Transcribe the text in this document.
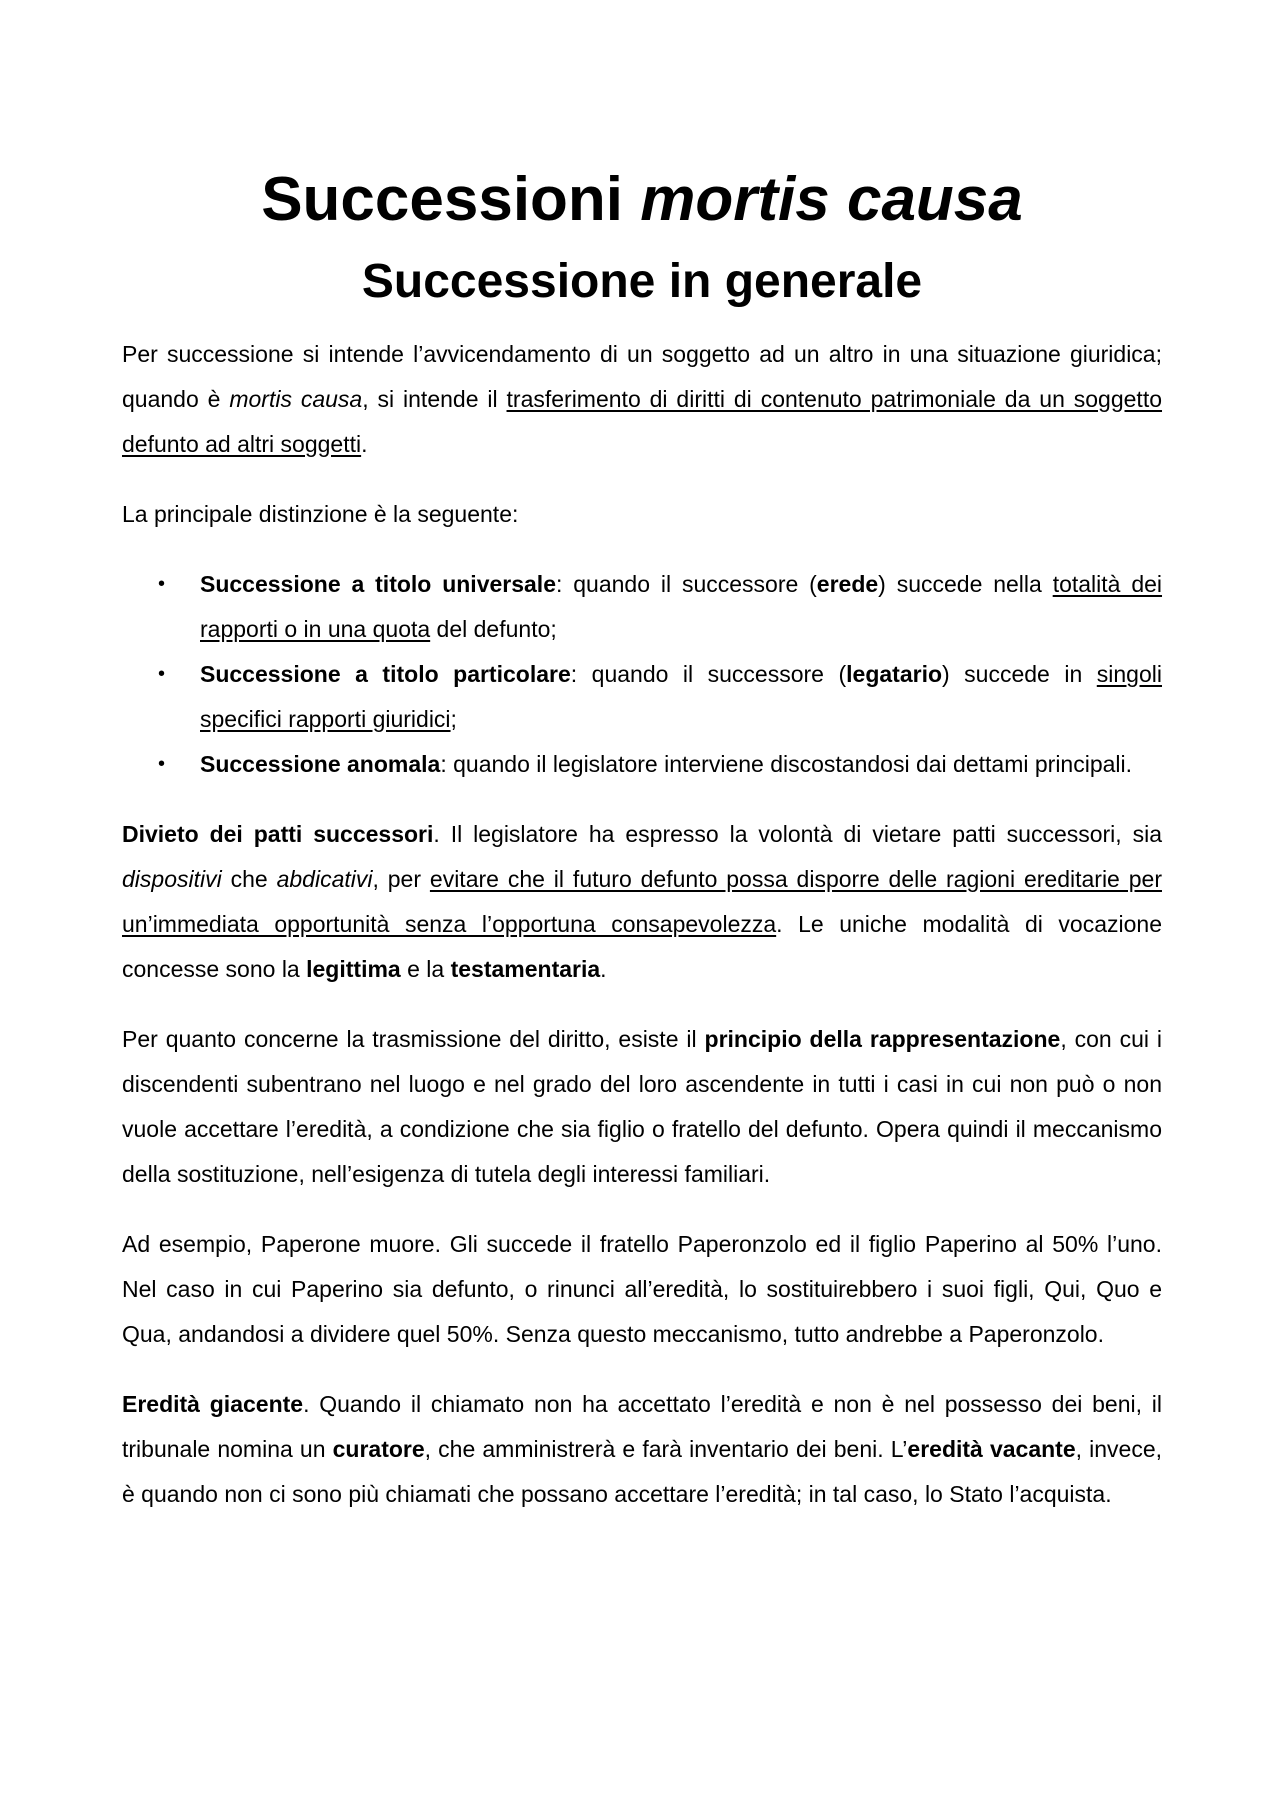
Successioni mortis causa
Successione in generale

Per successione si intende l’avvicendamento di un soggetto ad un altro in una situazione giuridica; quando è mortis causa, si intende il trasferimento di diritti di contenuto patrimoniale da un soggetto defunto ad altri soggetti.

La principale distinzione è la seguente:

• Successione a titolo universale: quando il successore (erede) succede nella totalità dei rapporti o in una quota del defunto;
• Successione a titolo particolare: quando il successore (legatario) succede in singoli specifici rapporti giuridici;
• Successione anomala: quando il legislatore interviene discostandosi dai dettami principali.

Divieto dei patti successori. Il legislatore ha espresso la volontà di vietare patti successori, sia dispositivi che abdicativi, per evitare che il futuro defunto possa disporre delle ragioni ereditarie per un’immediata opportunità senza l’opportuna consapevolezza. Le uniche modalità di vocazione concesse sono la legittima e la testamentaria.

Per quanto concerne la trasmissione del diritto, esiste il principio della rappresentazione, con cui i discendenti subentrano nel luogo e nel grado del loro ascendente in tutti i casi in cui non può o non vuole accettare l’eredità, a condizione che sia figlio o fratello del defunto. Opera quindi il meccanismo della sostituzione, nell’esigenza di tutela degli interessi familiari.

Ad esempio, Paperone muore. Gli succede il fratello Paperonzolo ed il figlio Paperino al 50% l’uno. Nel caso in cui Paperino sia defunto, o rinunci all’eredità, lo sostituirebbero i suoi figli, Qui, Quo e Qua, andandosi a dividere quel 50%. Senza questo meccanismo, tutto andrebbe a Paperonzolo.

Eredità giacente. Quando il chiamato non ha accettato l’eredità e non è nel possesso dei beni, il tribunale nomina un curatore, che amministrerà e farà inventario dei beni. L’eredità vacante, invece, è quando non ci sono più chiamati che possano accettare l’eredità; in tal caso, lo Stato l’acquista.
